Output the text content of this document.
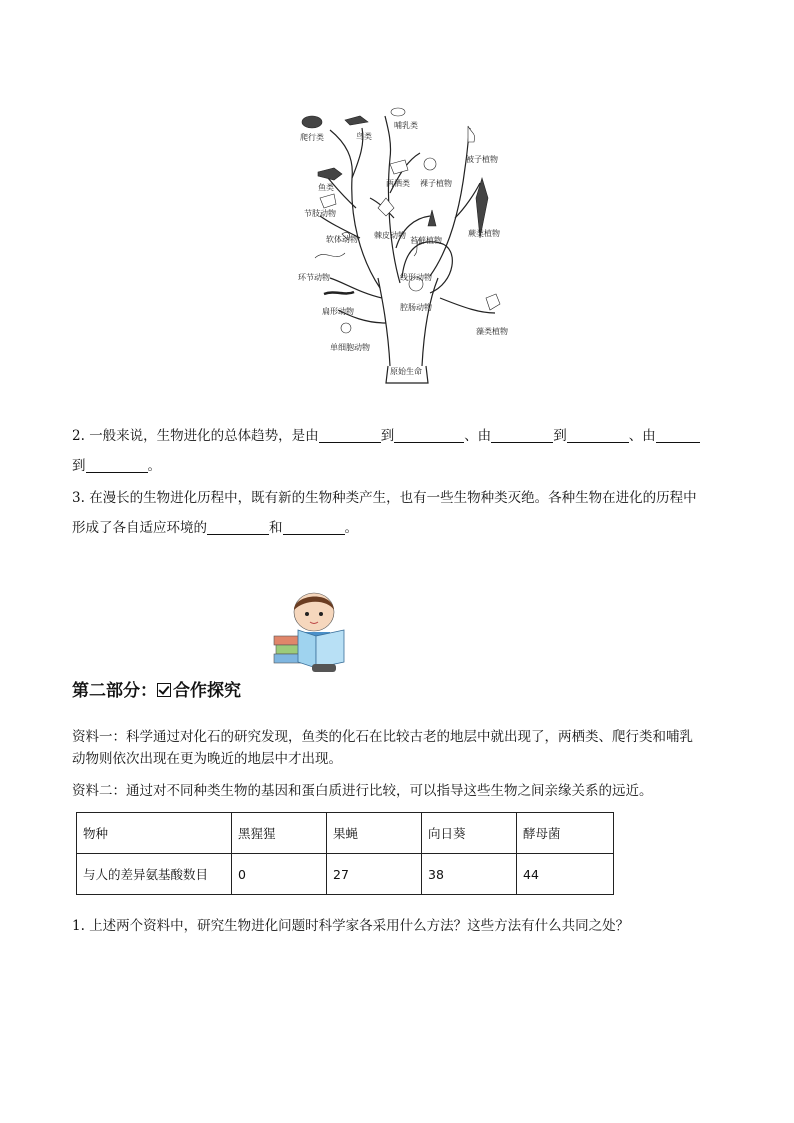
爬行类	鸟类
哺乳类
鱼类	两栖类 裸子植物
被子植物
节肢动物
软体动物 棘皮动物
苔藓植物
蕨类植物
环节动物	线形动物
扁形动物	腔肠动物
藻类植物
单细胞动物
原始生命
2. 一般来说，生物进化的总体趋势，是由	到	、由	到	、由
到	。
3. 在漫长的生物进化历程中，既有新的生物种类产生，也有一些生物种类灭绝。各种生物在进化的历程中
形成了各自适应环境的	和	。
第二部分： 合作探究
资料一：科学通过对化石的研究发现，鱼类的化石在比较古老的地层中就出现了，两栖类、爬行类和哺乳
动物则依次出现在更为晚近的地层中才出现。
资料二：通过对不同种类生物的基因和蛋白质进行比较，可以指导这些生物之间亲缘关系的远近。
物种	黑猩猩	果蝇	向日葵	酵母菌
与人的差异氨基酸数目	0	27	38	44
1. 上述两个资料中，研究生物进化问题时科学家各采用什么方法？这些方法有什么共同之处？
